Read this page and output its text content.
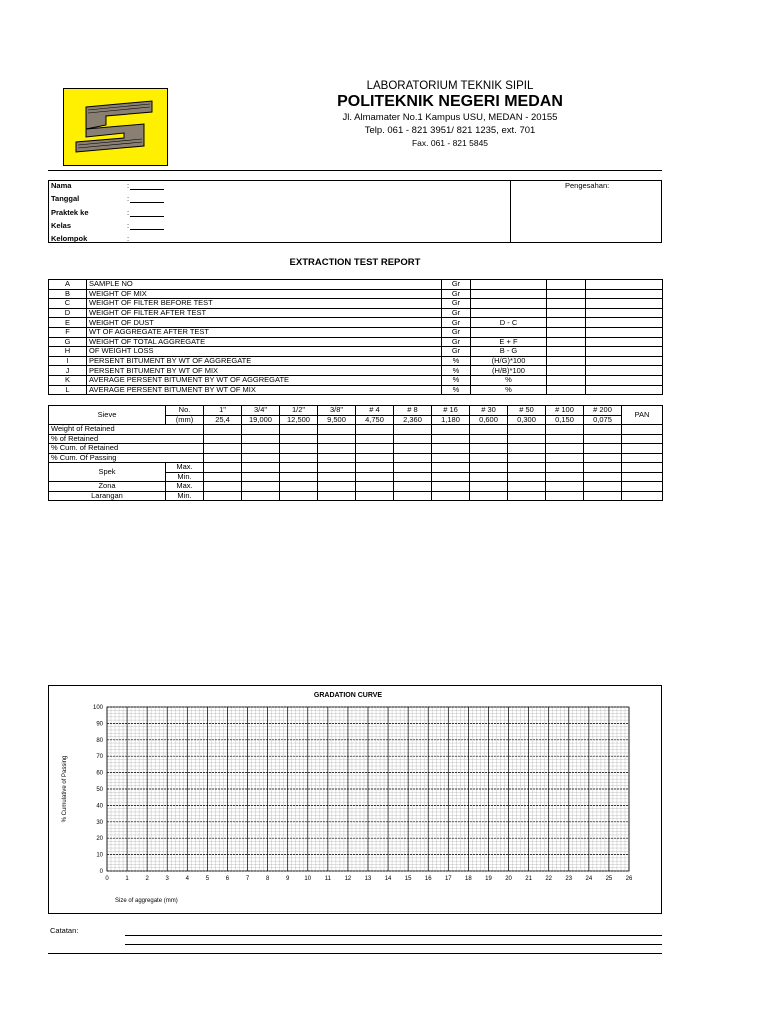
LABORATORIUM TEKNIK SIPIL
POLITEKNIK NEGERI MEDAN
Jl. Almamater No.1 Kampus USU, MEDAN - 20155
Telp. 061 - 821 3951/ 821 1235, ext. 701
Fax. 061 - 821 5845
Nama	:
Tanggal	:
Praktek ke	:
Kelas	:
Kelompok	:
Pengesahan:
EXTRACTION TEST REPORT
A	SAMPLE NO	Gr			
B	WEIGHT OF MIX	Gr			
C	WEIGHT OF FILTER BEFORE TEST	Gr			
D	WEIGHT OF FILTER AFTER TEST	Gr			
E	WEIGHT OF DUST	Gr	D - C		
F	WT OF AGGREGATE AFTER TEST	Gr			
G	WEIGHT OF TOTAL AGGREGATE	Gr	E + F		
H	OF WEIGHT LOSS	Gr	B - G		
I	PERSENT BITUMENT BY WT OF AGGREGATE	%	(H/G)*100		
J	PERSENT BITUMENT BY WT OF MIX	%	(H/B)*100		
K	AVERAGE PERSENT BITUMENT BY WT OF AGGREGATE	%	%		
L	AVERAGE PERSENT BITUMENT BY WT OF MIX	%	%		
Sieve	No.	1"	3/4"	1/2"	3/8"	# 4	# 8	# 16	# 30	# 50	# 100	# 200	PAN
	(mm)	25,4	19,000	12,500	9,500	4,750	2,360	1,180	0,600	0,300	0,150	0,075	
Weight of Retained													
% of Retained													
% Cum. of Retained													
% Cum. Of Passing													
Spek	Max.												
	Min.												
Zona	Max.												
Larangan	Min.												
0	1	2	3	4	5	6	7	8	9	10 11 12 13 14 15 16 17 18 19 20 21 22 23 24 25 26
0
10
20
30
40
50
60
70
80
90
100
GRADATION CURVE
Size of aggregate (mm)
% Cumulative of Passing
Catatan:
